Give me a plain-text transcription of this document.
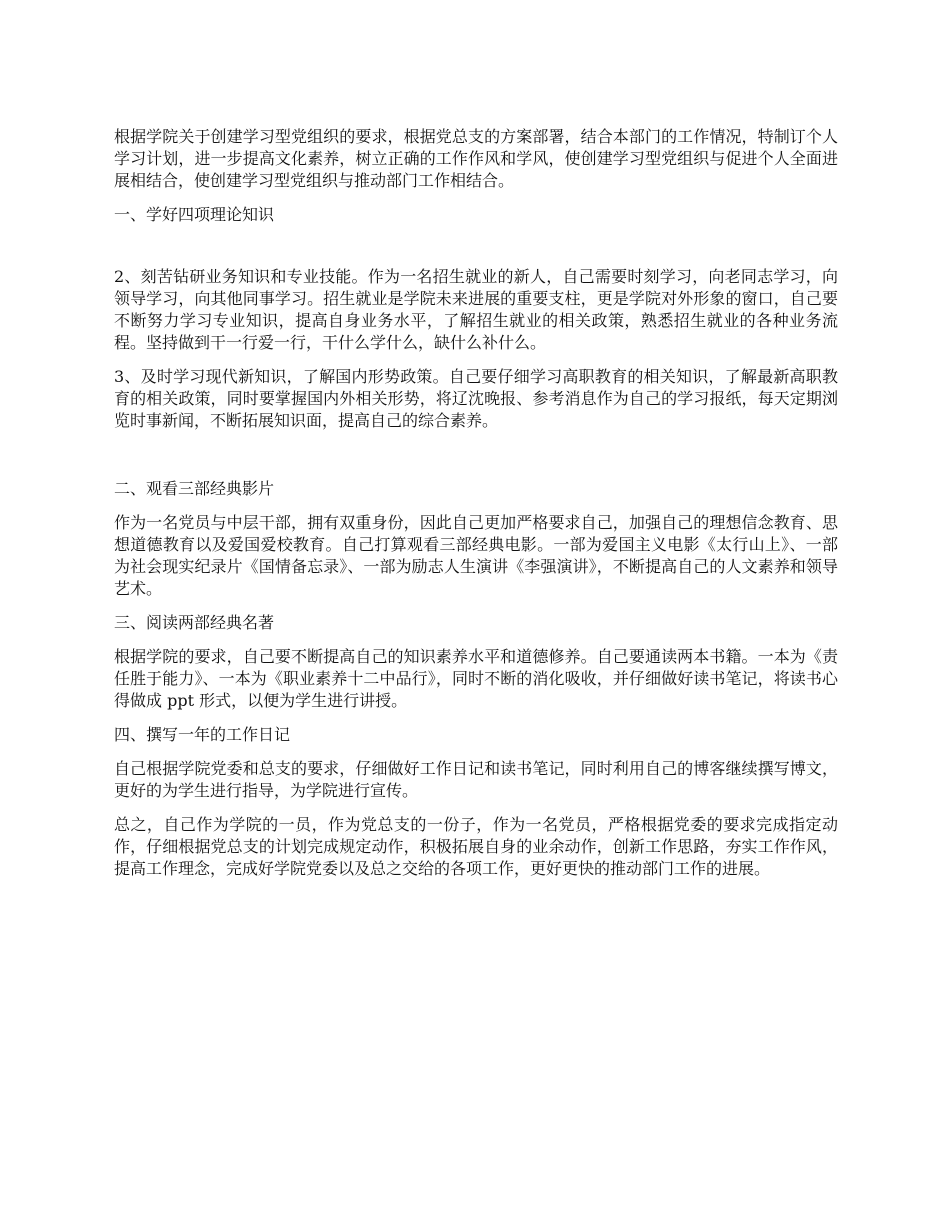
根据学院关于创建学习型党组织的要求，根据党总支的方案部署，结合本部门的工作情况，特制订个人学习计划，进一步提高文化素养，树立正确的工作作风和学风，使创建学习型党组织与促进个人全面进展相结合，使创建学习型党组织与推动部门工作相结合。

一、学好四项理论知识

2、刻苦钻研业务知识和专业技能。作为一名招生就业的新人，自己需要时刻学习，向老同志学习，向领导学习，向其他同事学习。招生就业是学院未来进展的重要支柱，更是学院对外形象的窗口，自己要不断努力学习专业知识，提高自身业务水平，了解招生就业的相关政策，熟悉招生就业的各种业务流程。坚持做到干一行爱一行，干什么学什么，缺什么补什么。

3、及时学习现代新知识，了解国内形势政策。自己要仔细学习高职教育的相关知识，了解最新高职教育的相关政策，同时要掌握国内外相关形势，将辽沈晚报、参考消息作为自己的学习报纸，每天定期浏览时事新闻，不断拓展知识面，提高自己的综合素养。

二、观看三部经典影片

作为一名党员与中层干部，拥有双重身份，因此自己更加严格要求自己，加强自己的理想信念教育、思想道德教育以及爱国爱校教育。自己打算观看三部经典电影。一部为爱国主义电影《太行山上》、一部为社会现实纪录片《国情备忘录》、一部为励志人生演讲《李强演讲》，不断提高自己的人文素养和领导艺术。

三、阅读两部经典名著

根据学院的要求，自己要不断提高自己的知识素养水平和道德修养。自己要通读两本书籍。一本为《责任胜于能力》、一本为《职业素养十二中品行》，同时不断的消化吸收，并仔细做好读书笔记，将读书心得做成 ppt 形式，以便为学生进行讲授。

四、撰写一年的工作日记

自己根据学院党委和总支的要求，仔细做好工作日记和读书笔记，同时利用自己的博客继续撰写博文，更好的为学生进行指导，为学院进行宣传。

总之，自己作为学院的一员，作为党总支的一份子，作为一名党员，严格根据党委的要求完成指定动作，仔细根据党总支的计划完成规定动作，积极拓展自身的业余动作，创新工作思路，夯实工作作风，提高工作理念，完成好学院党委以及总之交给的各项工作，更好更快的推动部门工作的进展。
